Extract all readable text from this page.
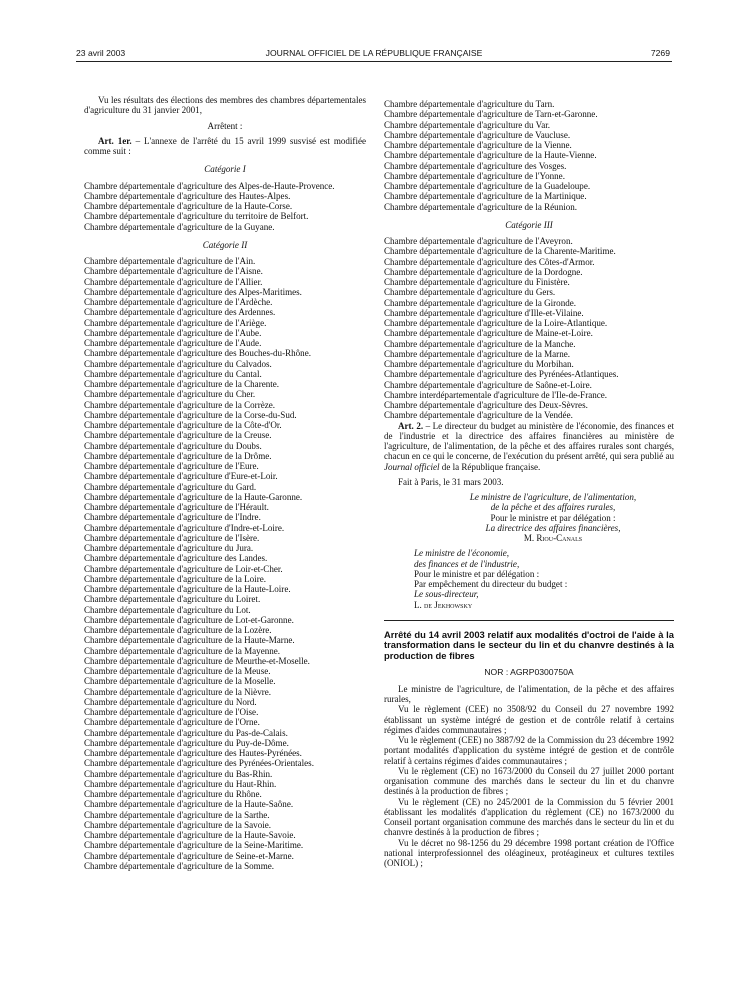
23 avril 2003	JOURNAL OFFICIEL DE LA RÉPUBLIQUE FRANÇAISE	7269

Vu les résultats des élections des membres des chambres départementales d'agriculture du 31 janvier 2001,

Arrêtent :

Art. 1er. – L'annexe de l'arrêté du 15 avril 1999 susvisé est modifiée comme suit :

Catégorie I

Chambre départementale d'agriculture des Alpes-de-Haute-Provence.
Chambre départementale d'agriculture des Hautes-Alpes.
Chambre départementale d'agriculture de la Haute-Corse.
Chambre départementale d'agriculture du territoire de Belfort.
Chambre départementale d'agriculture de la Guyane.

Catégorie II

Chambre départementale d'agriculture de l'Ain.
Chambre départementale d'agriculture de l'Aisne.
Chambre départementale d'agriculture de l'Allier.
Chambre départementale d'agriculture des Alpes-Maritimes.
Chambre départementale d'agriculture de l'Ardèche.
Chambre départementale d'agriculture des Ardennes.
Chambre départementale d'agriculture de l'Ariège.
Chambre départementale d'agriculture de l'Aube.
Chambre départementale d'agriculture de l'Aude.
Chambre départementale d'agriculture des Bouches-du-Rhône.
Chambre départementale d'agriculture du Calvados.
Chambre départementale d'agriculture du Cantal.
Chambre départementale d'agriculture de la Charente.
Chambre départementale d'agriculture du Cher.
Chambre départementale d'agriculture de la Corrèze.
Chambre départementale d'agriculture de la Corse-du-Sud.
Chambre départementale d'agriculture de la Côte-d'Or.
Chambre départementale d'agriculture de la Creuse.
Chambre départementale d'agriculture du Doubs.
Chambre départementale d'agriculture de la Drôme.
Chambre départementale d'agriculture de l'Eure.
Chambre départementale d'agriculture d'Eure-et-Loir.
Chambre départementale d'agriculture du Gard.
Chambre départementale d'agriculture de la Haute-Garonne.
Chambre départementale d'agriculture de l'Hérault.
Chambre départementale d'agriculture de l'Indre.
Chambre départementale d'agriculture d'Indre-et-Loire.
Chambre départementale d'agriculture de l'Isère.
Chambre départementale d'agriculture du Jura.
Chambre départementale d'agriculture des Landes.
Chambre départementale d'agriculture de Loir-et-Cher.
Chambre départementale d'agriculture de la Loire.
Chambre départementale d'agriculture de la Haute-Loire.
Chambre départementale d'agriculture du Loiret.
Chambre départementale d'agriculture du Lot.
Chambre départementale d'agriculture de Lot-et-Garonne.
Chambre départementale d'agriculture de la Lozère.
Chambre départementale d'agriculture de la Haute-Marne.
Chambre départementale d'agriculture de la Mayenne.
Chambre départementale d'agriculture de Meurthe-et-Moselle.
Chambre départementale d'agriculture de la Meuse.
Chambre départementale d'agriculture de la Moselle.
Chambre départementale d'agriculture de la Nièvre.
Chambre départementale d'agriculture du Nord.
Chambre départementale d'agriculture de l'Oise.
Chambre départementale d'agriculture de l'Orne.
Chambre départementale d'agriculture du Pas-de-Calais.
Chambre départementale d'agriculture du Puy-de-Dôme.
Chambre départementale d'agriculture des Hautes-Pyrénées.
Chambre départementale d'agriculture des Pyrénées-Orientales.
Chambre départementale d'agriculture du Bas-Rhin.
Chambre départementale d'agriculture du Haut-Rhin.
Chambre départementale d'agriculture du Rhône.
Chambre départementale d'agriculture de la Haute-Saône.
Chambre départementale d'agriculture de la Sarthe.
Chambre départementale d'agriculture de la Savoie.
Chambre départementale d'agriculture de la Haute-Savoie.
Chambre départementale d'agriculture de la Seine-Maritime.
Chambre départementale d'agriculture de Seine-et-Marne.
Chambre départementale d'agriculture de la Somme.
Chambre départementale d'agriculture du Tarn.
Chambre départementale d'agriculture de Tarn-et-Garonne.
Chambre départementale d'agriculture du Var.
Chambre départementale d'agriculture de Vaucluse.
Chambre départementale d'agriculture de la Vienne.
Chambre départementale d'agriculture de la Haute-Vienne.
Chambre départementale d'agriculture des Vosges.
Chambre départementale d'agriculture de l'Yonne.
Chambre départementale d'agriculture de la Guadeloupe.
Chambre départementale d'agriculture de la Martinique.
Chambre départementale d'agriculture de la Réunion.

Catégorie III

Chambre départementale d'agriculture de l'Aveyron.
Chambre départementale d'agriculture de la Charente-Maritime.
Chambre départementale d'agriculture des Côtes-d'Armor.
Chambre départementale d'agriculture de la Dordogne.
Chambre départementale d'agriculture du Finistère.
Chambre départementale d'agriculture du Gers.
Chambre départementale d'agriculture de la Gironde.
Chambre départementale d'agriculture d'Ille-et-Vilaine.
Chambre départementale d'agriculture de la Loire-Atlantique.
Chambre départementale d'agriculture de Maine-et-Loire.
Chambre départementale d'agriculture de la Manche.
Chambre départementale d'agriculture de la Marne.
Chambre départementale d'agriculture du Morbihan.
Chambre départementale d'agriculture des Pyrénées-Atlantiques.
Chambre départementale d'agriculture de Saône-et-Loire.
Chambre interdépartementale d'agriculture de l'Ile-de-France.
Chambre départementale d'agriculture des Deux-Sèvres.
Chambre départementale d'agriculture de la Vendée.

Art. 2. – Le directeur du budget au ministère de l'économie, des finances et de l'industrie et la directrice des affaires financières au ministère de l'agriculture, de l'alimentation, de la pêche et des affaires rurales sont chargés, chacun en ce qui le concerne, de l'exécution du présent arrêté, qui sera publié au Journal officiel de la République française.

Fait à Paris, le 31 mars 2003.

Le ministre de l'agriculture, de l'alimentation,

de la pêche et des affaires rurales,

Pour le ministre et par délégation :

La directrice des affaires financières,

M. Riou-Canals

Le ministre de l'économie,

des finances et de l'industrie,

Pour le ministre et par délégation :

Par empêchement du directeur du budget :

Le sous-directeur,

L. de Jekhowsky

Arrêté du 14 avril 2003 relatif aux modalités d'octroi de l'aide à la transformation dans le secteur du lin et du chanvre destinés à la production de fibres

NOR : AGRP0300750A

Le ministre de l'agriculture, de l'alimentation, de la pêche et des affaires rurales,

Vu le règlement (CEE) no 3508/92 du Conseil du 27 novembre 1992 établissant un système intégré de gestion et de contrôle relatif à certains régimes d'aides communautaires ;

Vu le règlement (CEE) no 3887/92 de la Commission du 23 décembre 1992 portant modalités d'application du système intégré de gestion et de contrôle relatif à certains régimes d'aides communautaires ;

Vu le règlement (CE) no 1673/2000 du Conseil du 27 juillet 2000 portant organisation commune des marchés dans le secteur du lin et du chanvre destinés à la production de fibres ;

Vu le règlement (CE) no 245/2001 de la Commission du 5 février 2001 établissant les modalités d'application du règlement (CE) no 1673/2000 du Conseil portant organisation commune des marchés dans le secteur du lin et du chanvre destinés à la production de fibres ;

Vu le décret no 98-1256 du 29 décembre 1998 portant création de l'Office national interprofessionnel des oléagineux, protéagineux et cultures textiles (ONIOL) ;
